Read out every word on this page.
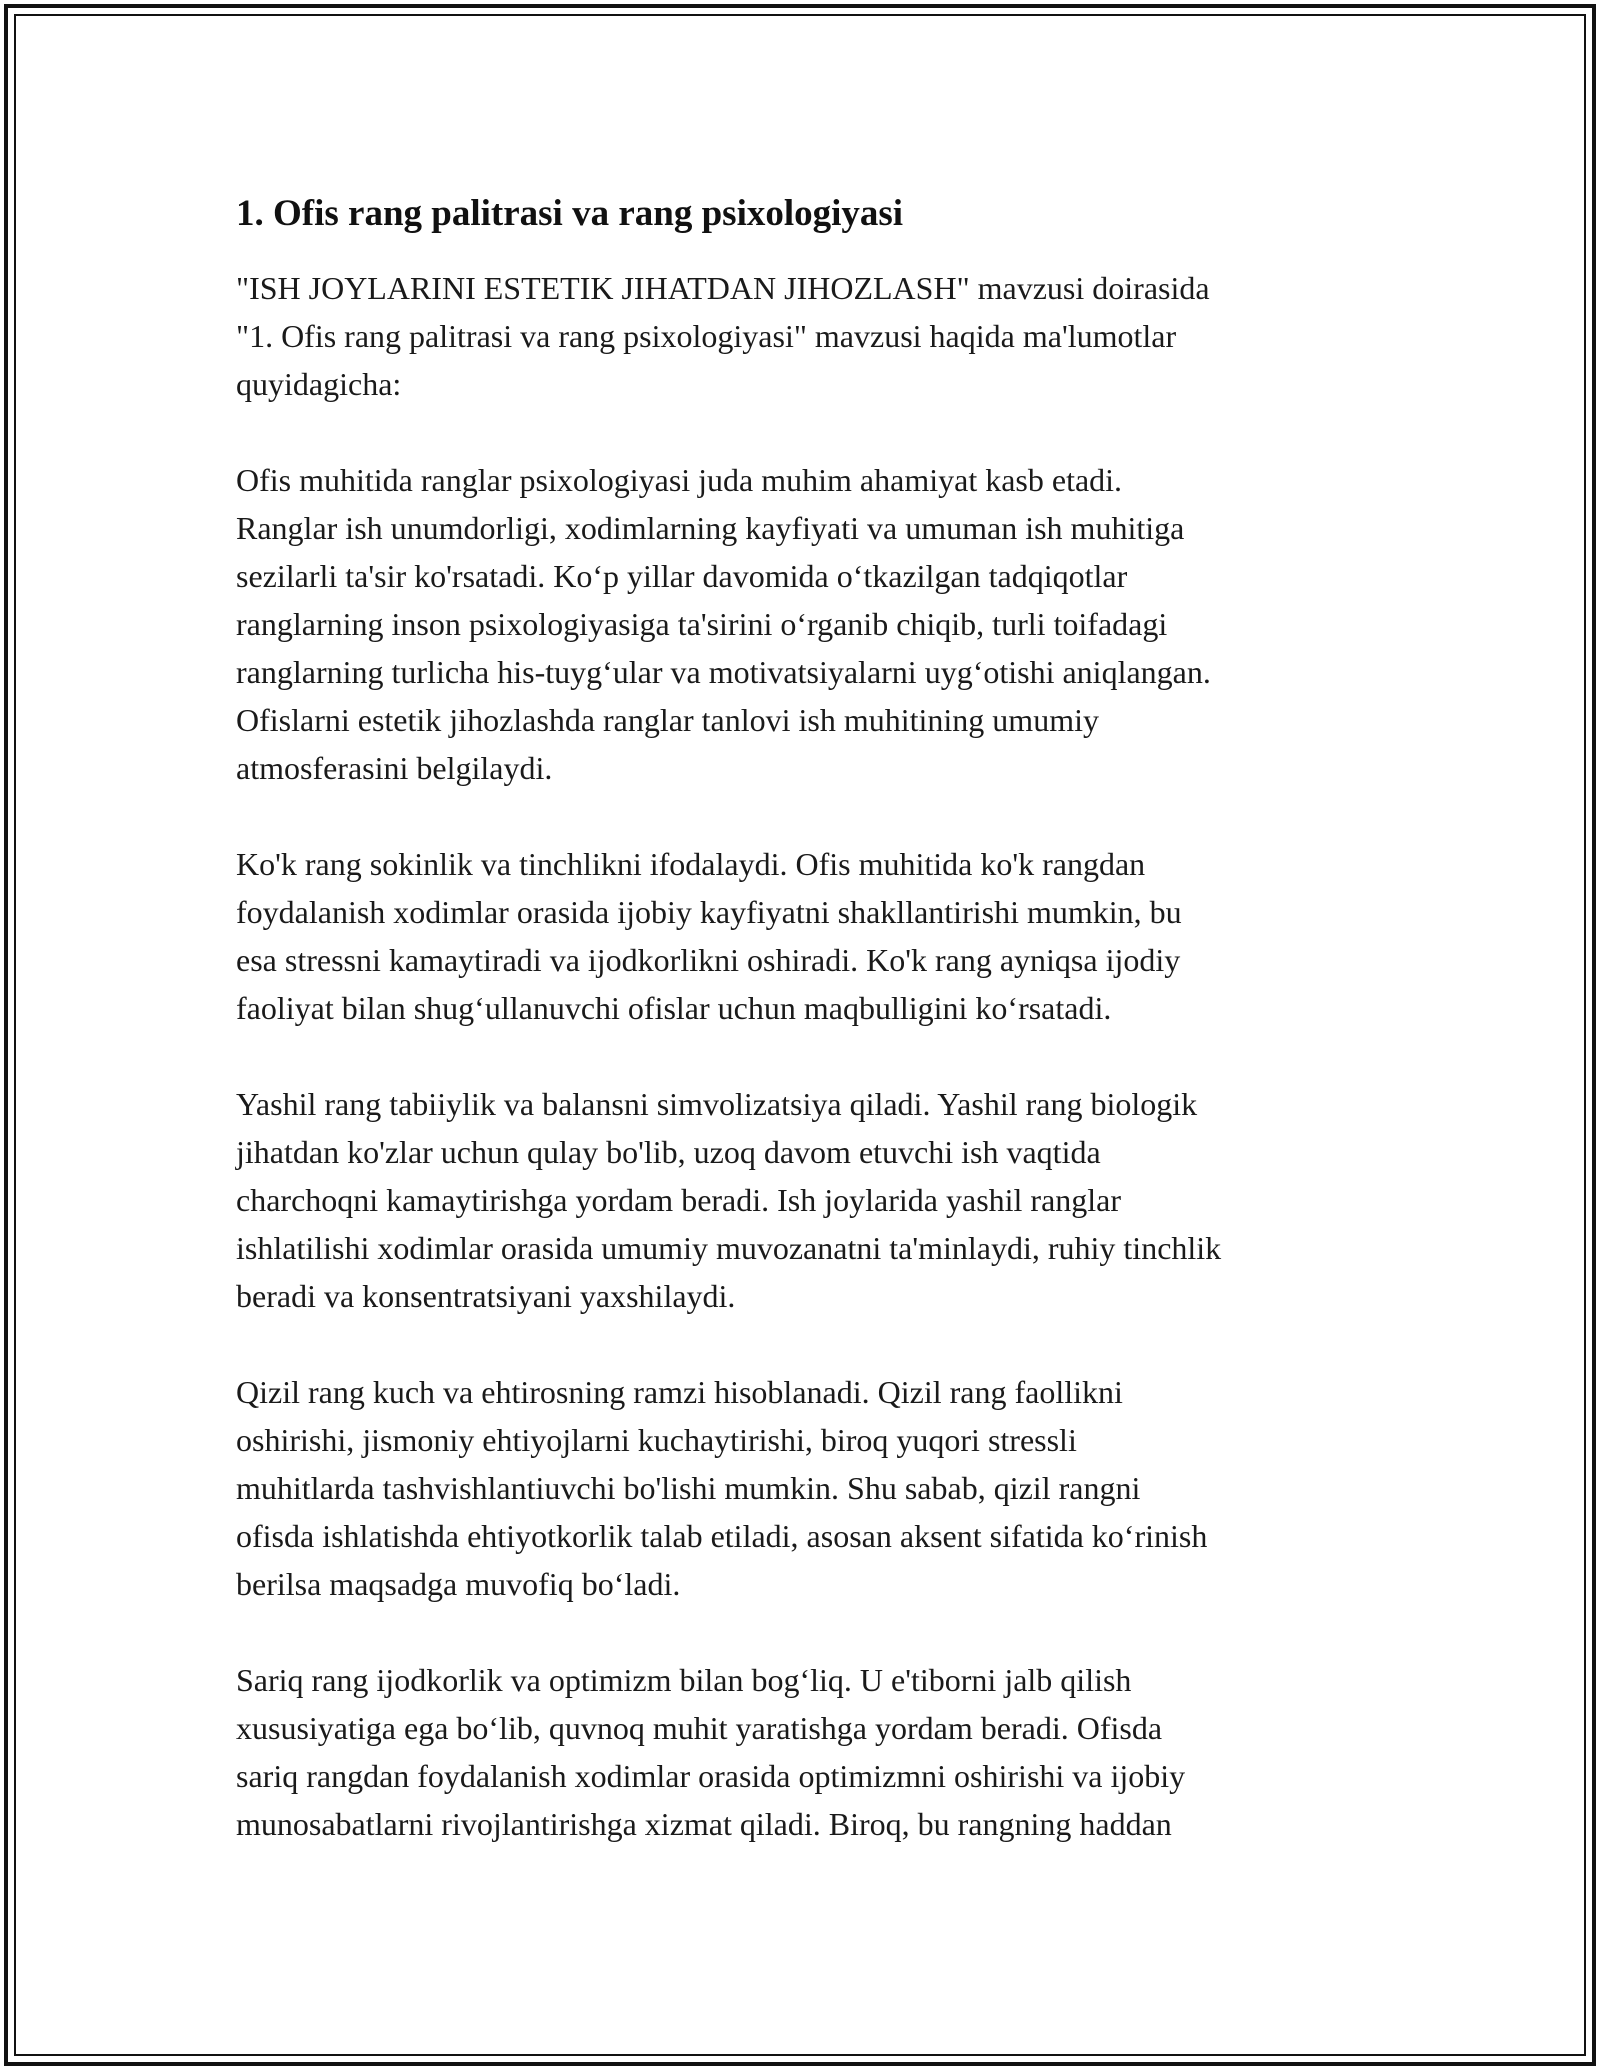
1. Ofis rang palitrasi va rang psixologiyasi

"ISH JOYLARINI ESTETIK JIHATDAN JIHOZLASH" mavzusi doirasida
"1. Ofis rang palitrasi va rang psixologiyasi" mavzusi haqida ma'lumotlar
quyidagicha:

Ofis muhitida ranglar psixologiyasi juda muhim ahamiyat kasb etadi.
Ranglar ish unumdorligi, xodimlarning kayfiyati va umuman ish muhitiga
sezilarli ta'sir ko'rsatadi. Koʻp yillar davomida oʻtkazilgan tadqiqotlar
ranglarning inson psixologiyasiga ta'sirini oʻrganib chiqib, turli toifadagi
ranglarning turlicha his-tuygʻular va motivatsiyalarni uygʻotishi aniqlangan.
Ofislarni estetik jihozlashda ranglar tanlovi ish muhitining umumiy
atmosferasini belgilaydi.

Ko'k rang sokinlik va tinchlikni ifodalaydi. Ofis muhitida ko'k rangdan
foydalanish xodimlar orasida ijobiy kayfiyatni shakllantirishi mumkin, bu
esa stressni kamaytiradi va ijodkorlikni oshiradi. Ko'k rang ayniqsa ijodiy
faoliyat bilan shugʻullanuvchi ofislar uchun maqbulligini koʻrsatadi.

Yashil rang tabiiylik va balansni simvolizatsiya qiladi. Yashil rang biologik
jihatdan ko'zlar uchun qulay bo'lib, uzoq davom etuvchi ish vaqtida
charchoqni kamaytirishga yordam beradi. Ish joylarida yashil ranglar
ishlatilishi xodimlar orasida umumiy muvozanatni ta'minlaydi, ruhiy tinchlik
beradi va konsentratsiyani yaxshilaydi.

Qizil rang kuch va ehtirosning ramzi hisoblanadi. Qizil rang faollikni
oshirishi, jismoniy ehtiyojlarni kuchaytirishi, biroq yuqori stressli
muhitlarda tashvishlantiuvchi bo'lishi mumkin. Shu sabab, qizil rangni
ofisda ishlatishda ehtiyotkorlik talab etiladi, asosan aksent sifatida koʻrinish
berilsa maqsadga muvofiq boʻladi.

Sariq rang ijodkorlik va optimizm bilan bogʻliq. U e'tiborni jalb qilish
xususiyatiga ega boʻlib, quvnoq muhit yaratishga yordam beradi. Ofisda
sariq rangdan foydalanish xodimlar orasida optimizmni oshirishi va ijobiy
munosabatlarni rivojlantirishga xizmat qiladi. Biroq, bu rangning haddan
